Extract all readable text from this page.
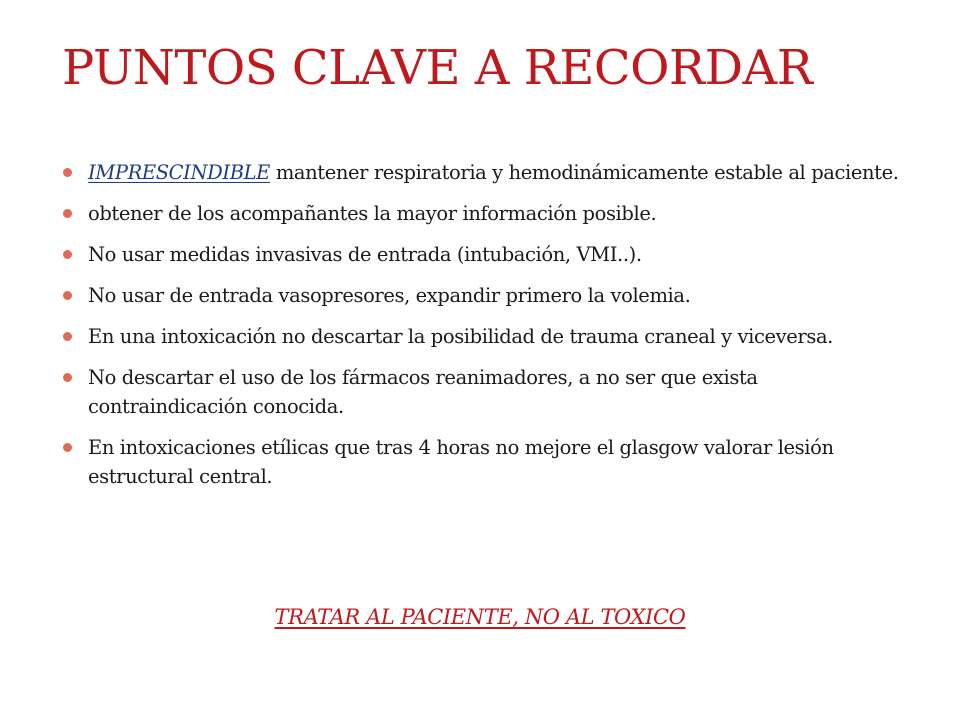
PUNTOS CLAVE A RECORDAR
IMPRESCINDIBLE mantener respiratoria y hemodinámicamente estable al paciente.
obtener de los acompañantes la mayor información posible.
No usar medidas invasivas de entrada (intubación, VMI..).
No usar de entrada vasopresores, expandir primero la volemia.
En una intoxicación no descartar la posibilidad de trauma craneal y viceversa.
No descartar el uso de los fármacos reanimadores, a no ser que exista contraindicación conocida.
En intoxicaciones etílicas que tras 4 horas no mejore el glasgow valorar lesión estructural central.
TRATAR AL PACIENTE, NO AL TOXICO
